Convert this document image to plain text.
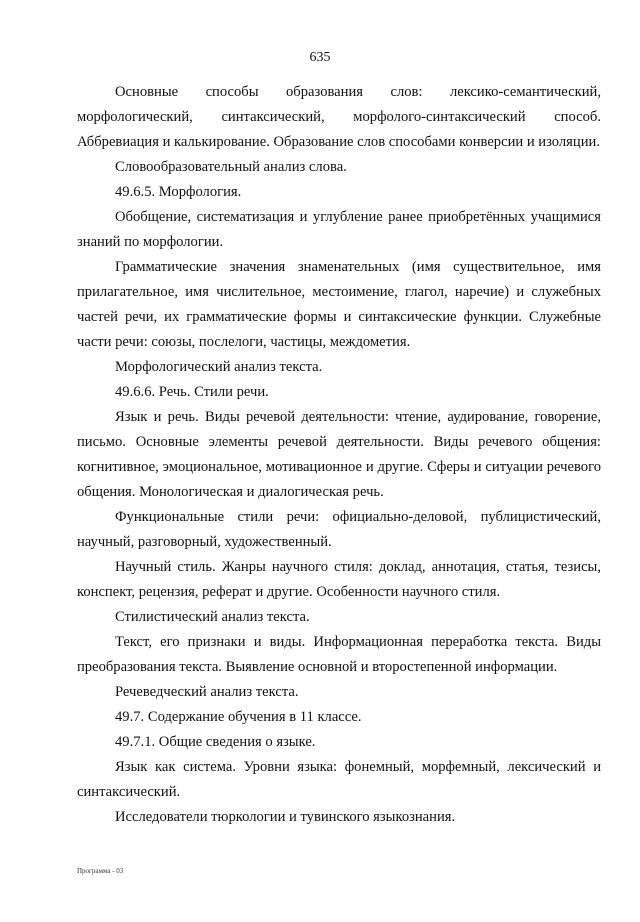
635

Основные способы образования слов: лексико-семантический, морфологический, синтаксический, морфолого-синтаксический способ. Аббревиация и калькирование. Образование слов способами конверсии и изоляции.

Словообразовательный анализ слова.

49.6.5. Морфология.

Обобщение, систематизация и углубление ранее приобретённых учащимися знаний по морфологии.

Грамматические значения знаменательных (имя существительное, имя прилагательное, имя числительное, местоимение, глагол, наречие) и служебных частей речи, их грамматические формы и синтаксические функции. Служебные части речи: союзы, послелоги, частицы, междометия.

Морфологический анализ текста.

49.6.6. Речь. Стили речи.

Язык и речь. Виды речевой деятельности: чтение, аудирование, говорение, письмо. Основные элементы речевой деятельности. Виды речевого общения: когнитивное, эмоциональное, мотивационное и другие. Сферы и ситуации речевого общения. Монологическая и диалогическая речь.

Функциональные стили речи: официально-деловой, публицистический, научный, разговорный, художественный.

Научный стиль. Жанры научного стиля: доклад, аннотация, статья, тезисы, конспект, рецензия, реферат и другие. Особенности научного стиля.

Стилистический анализ текста.

Текст, его признаки и виды. Информационная переработка текста. Виды преобразования текста. Выявление основной и второстепенной информации.

Речеведческий анализ текста.

49.7. Содержание обучения в 11 классе.

49.7.1. Общие сведения о языке.

Язык как система. Уровни языка: фонемный, морфемный, лексический и синтаксический.

Исследователи тюркологии и тувинского языкознания.

Программа - 03
